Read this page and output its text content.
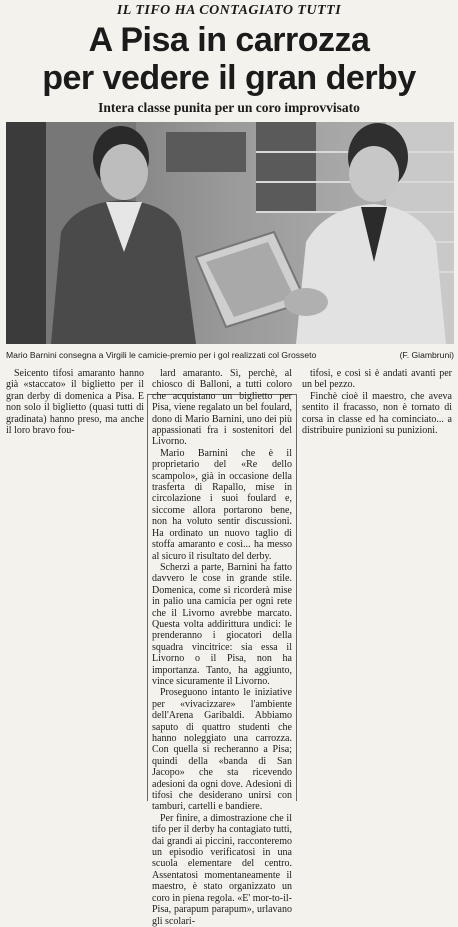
IL TIFO HA CONTAGIATO TUTTI
A Pisa in carrozza
per vedere il gran derby
Intera classe punita per un coro improvvisato
Mario Barnini consegna a Virgili le camicie-premio per i gol realizzati col Grosseto	(F. Giambruni)

Seicento tifosi amaranto hanno già «staccato» il biglietto per il gran derby di domenica a Pisa. E non solo il biglietto (quasi tutti di gradinata) hanno preso, ma anche il loro bravo fou-

lard amaranto. Sì, perchè, al chiosco di Balloni, a tutti coloro che acquistano un biglietto per Pisa, viene regalato un bel foulard, dono di Mario Barnini, uno dei più appassionati fra i sostenitori del Livorno.

Mario Barnini che è il proprietario del «Re dello scampolo», già in occasione della trasferta di Rapallo, mise in circolazione i suoi foulard e, siccome allora portarono bene, non ha voluto sentir discussioni. Ha ordinato un nuovo taglio di stoffa amaranto e così... ha messo al sicuro il risultato del derby.

Scherzi a parte, Barnini ha fatto davvero le cose in grande stile. Domenica, come si ricorderà mise in palio una camicia per ogni rete che il Livorno avrebbe marcato. Questa volta addirittura undici: le prenderanno i giocatori della squadra vincitrice: sia essa il Livorno o il Pisa, non ha importanza. Tanto, ha aggiunto, vince sicuramente il Livorno.

Proseguono intanto le iniziative per «vivacizzare» l'ambiente dell'Arena Garibaldi. Abbiamo saputo di quattro studenti che hanno noleggiato una carrozza. Con quella si recheranno a Pisa; quindi della «banda di San Jacopo» che sta ricevendo adesioni da ogni dove. Adesioni di tifosi che desiderano unirsi con tamburi, cartelli e bandiere.

Per finire, a dimostrazione che il tifo per il derby ha contagiato tutti, dai grandi ai piccini, racconteremo un episodio verificatosi in una scuola elementare del centro. Assentatosi momentaneamente il maestro, è stato organizzato un coro in piena regola. «E' mor-to-il-Pisa, parapum parapum», urlavano gli scolari-

tifosi, e così si è andati avanti per un bel pezzo.

Finchè cioè il maestro, che aveva sentito il fracasso, non è tornato di corsa in classe ed ha cominciato... a distribuire punizioni su punizioni.
